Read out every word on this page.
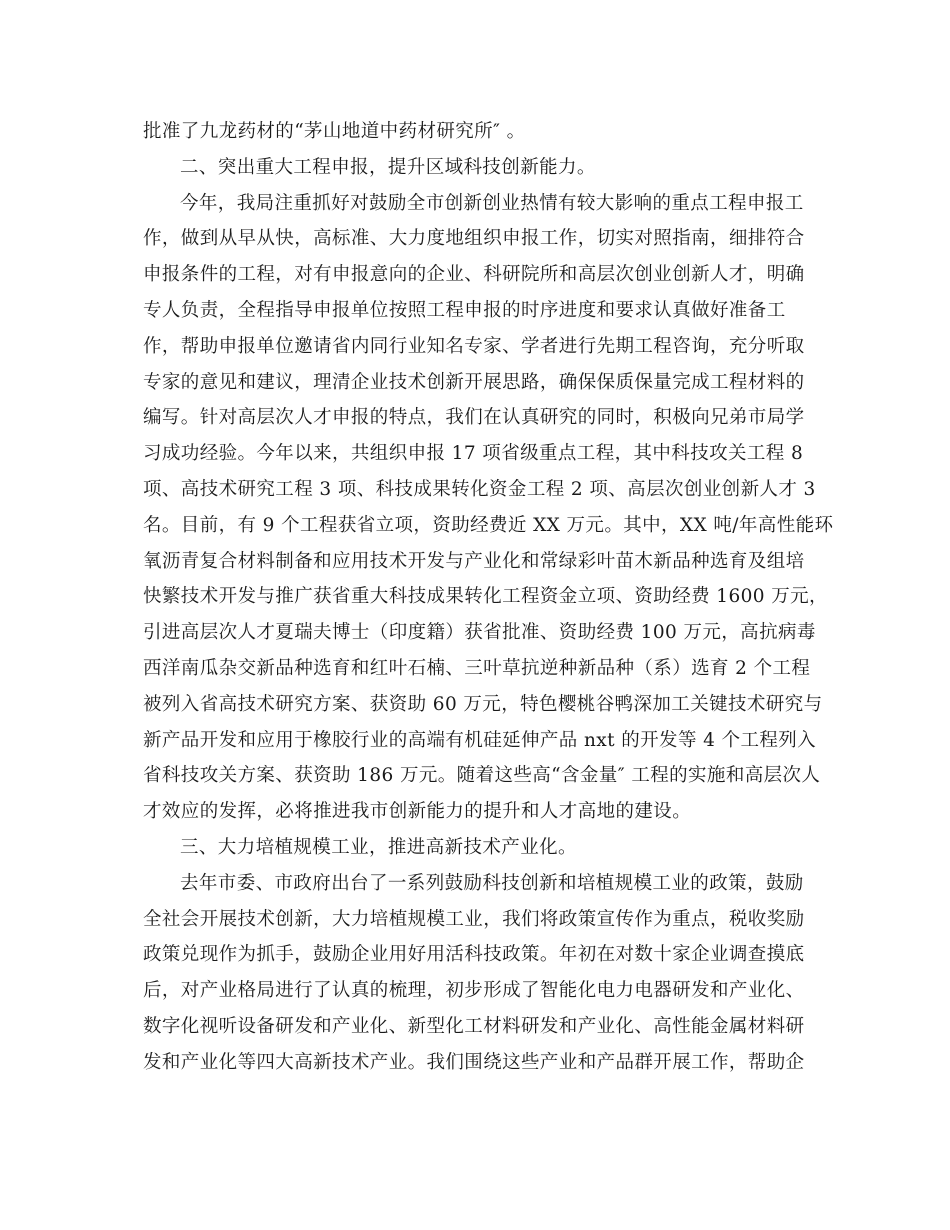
批准了九龙药材的“茅山地道中药材研究所″ 。
二、突出重大工程申报，提升区域科技创新能力。
今年，我局注重抓好对鼓励全市创新创业热情有较大影响的重点工程申报工
作，做到从早从快，高标准、大力度地组织申报工作，切实对照指南，细排符合
申报条件的工程，对有申报意向的企业、科研院所和高层次创业创新人才，明确
专人负责，全程指导申报单位按照工程申报的时序进度和要求认真做好准备工
作，帮助申报单位邀请省内同行业知名专家、学者进行先期工程咨询，充分听取
专家的意见和建议，理清企业技术创新开展思路，确保保质保量完成工程材料的
编写。针对高层次人才申报的特点，我们在认真研究的同时，积极向兄弟市局学
习成功经验。今年以来，共组织申报 17 项省级重点工程，其中科技攻关工程 8
项、高技术研究工程 3 项、科技成果转化资金工程 2 项、高层次创业创新人才 3
名。目前，有 9 个工程获省立项，资助经费近 XX 万元。其中，XX 吨/年高性能环
氧沥青复合材料制备和应用技术开发与产业化和常绿彩叶苗木新品种选育及组培
快繁技术开发与推广获省重大科技成果转化工程资金立项、资助经费 1600 万元，
引进高层次人才夏瑞夫博士（印度籍）获省批准、资助经费 100 万元，高抗病毒
西洋南瓜杂交新品种选育和红叶石楠、三叶草抗逆种新品种（系）选育 2 个工程
被列入省高技术研究方案、获资助 60 万元，特色樱桃谷鸭深加工关键技术研究与
新产品开发和应用于橡胶行业的高端有机硅延伸产品 nxt 的开发等 4 个工程列入
省科技攻关方案、获资助 186 万元。随着这些高“含金量″ 工程的实施和高层次人
才效应的发挥，必将推进我市创新能力的提升和人才高地的建设。
三、大力培植规模工业，推进高新技术产业化。
去年市委、市政府出台了一系列鼓励科技创新和培植规模工业的政策，鼓励
全社会开展技术创新，大力培植规模工业，我们将政策宣传作为重点，税收奖励
政策兑现作为抓手，鼓励企业用好用活科技政策。年初在对数十家企业调查摸底
后，对产业格局进行了认真的梳理，初步形成了智能化电力电器研发和产业化、
数字化视听设备研发和产业化、新型化工材料研发和产业化、高性能金属材料研
发和产业化等四大高新技术产业。我们围绕这些产业和产品群开展工作，帮助企
